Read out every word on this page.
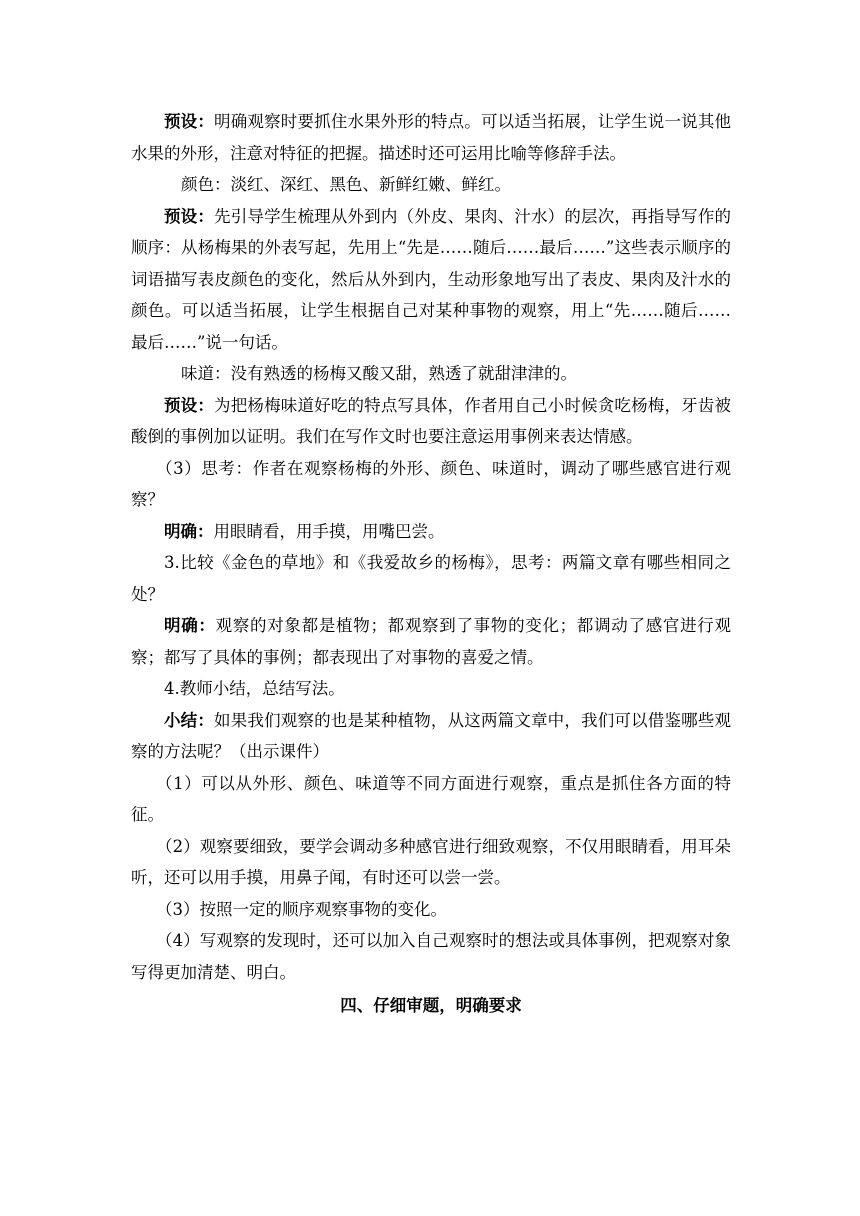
预设：明确观察时要抓住水果外形的特点。可以适当拓展，让学生说一说其他水果的外形，注意对特征的把握。描述时还可运用比喻等修辞手法。

颜色：淡红、深红、黑色、新鲜红嫩、鲜红。

预设：先引导学生梳理从外到内（外皮、果肉、汁水）的层次，再指导写作的顺序：从杨梅果的外表写起，先用上“先是……随后……最后……”这些表示顺序的词语描写表皮颜色的变化，然后从外到内，生动形象地写出了表皮、果肉及汁水的颜色。可以适当拓展，让学生根据自己对某种事物的观察，用上“先……随后……最后……”说一句话。

味道：没有熟透的杨梅又酸又甜，熟透了就甜津津的。

预设：为把杨梅味道好吃的特点写具体，作者用自己小时候贪吃杨梅，牙齿被酸倒的事例加以证明。我们在写作文时也要注意运用事例来表达情感。

（3）思考：作者在观察杨梅的外形、颜色、味道时，调动了哪些感官进行观察？

明确：用眼睛看，用手摸，用嘴巴尝。

3.比较《金色的草地》和《我爱故乡的杨梅》，思考：两篇文章有哪些相同之处？

明确：观察的对象都是植物；都观察到了事物的变化；都调动了感官进行观察；都写了具体的事例；都表现出了对事物的喜爱之情。

4.教师小结，总结写法。

小结：如果我们观察的也是某种植物，从这两篇文章中，我们可以借鉴哪些观察的方法呢？（出示课件）

（1）可以从外形、颜色、味道等不同方面进行观察，重点是抓住各方面的特征。

（2）观察要细致，要学会调动多种感官进行细致观察，不仅用眼睛看，用耳朵听，还可以用手摸，用鼻子闻，有时还可以尝一尝。

（3）按照一定的顺序观察事物的变化。

（4）写观察的发现时，还可以加入自己观察时的想法或具体事例，把观察对象写得更加清楚、明白。

四、仔细审题，明确要求
